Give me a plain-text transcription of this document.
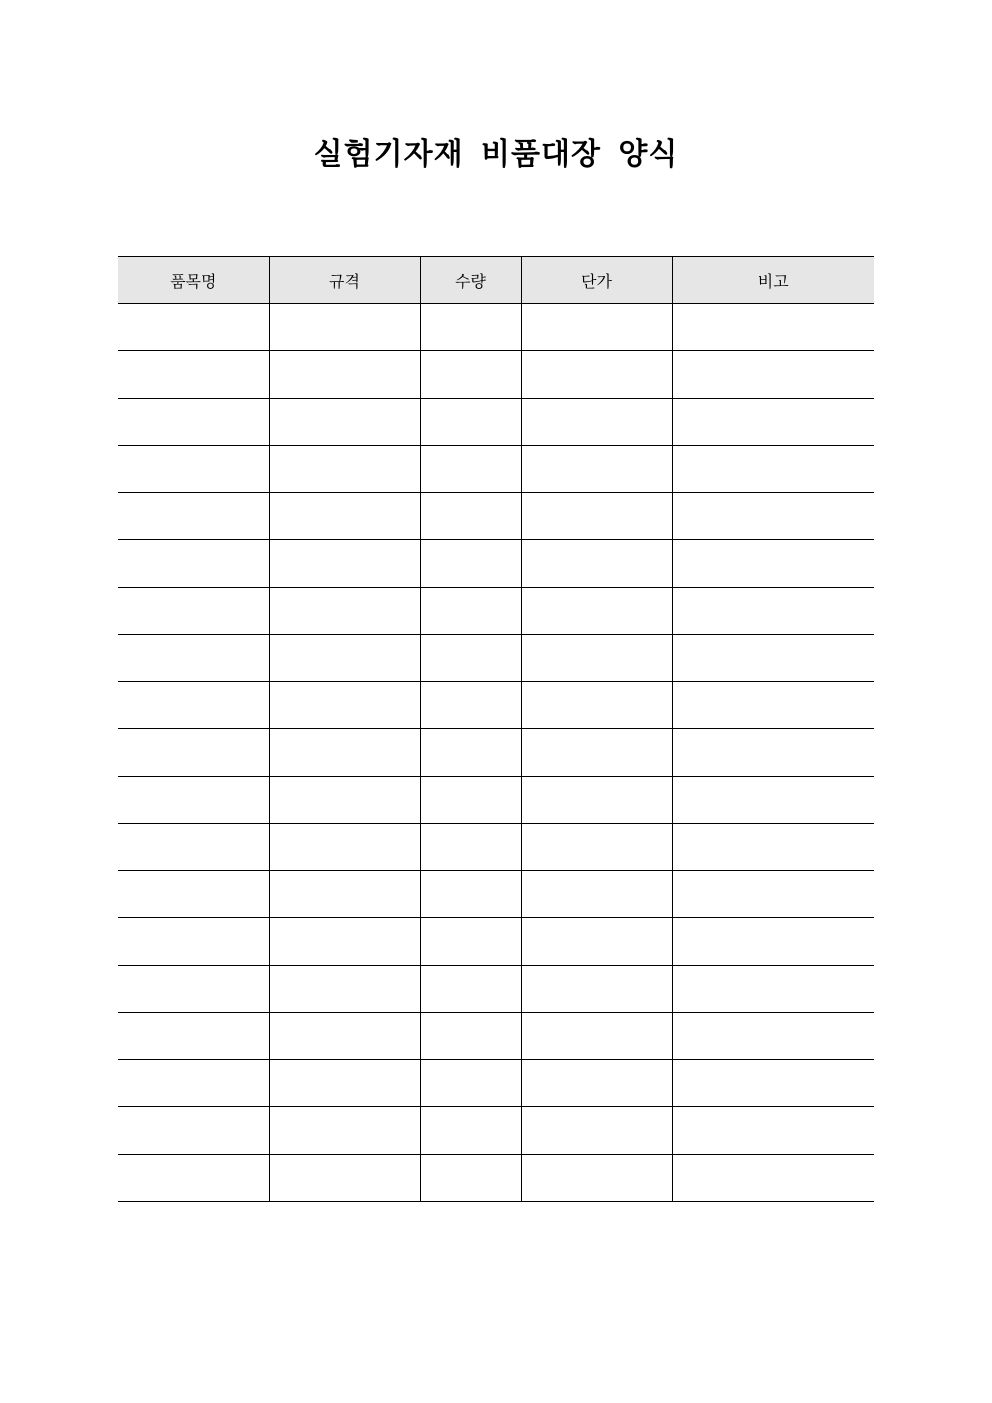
실험기자재 비품대장 양식
품목명	규격	수량	단가	비고
